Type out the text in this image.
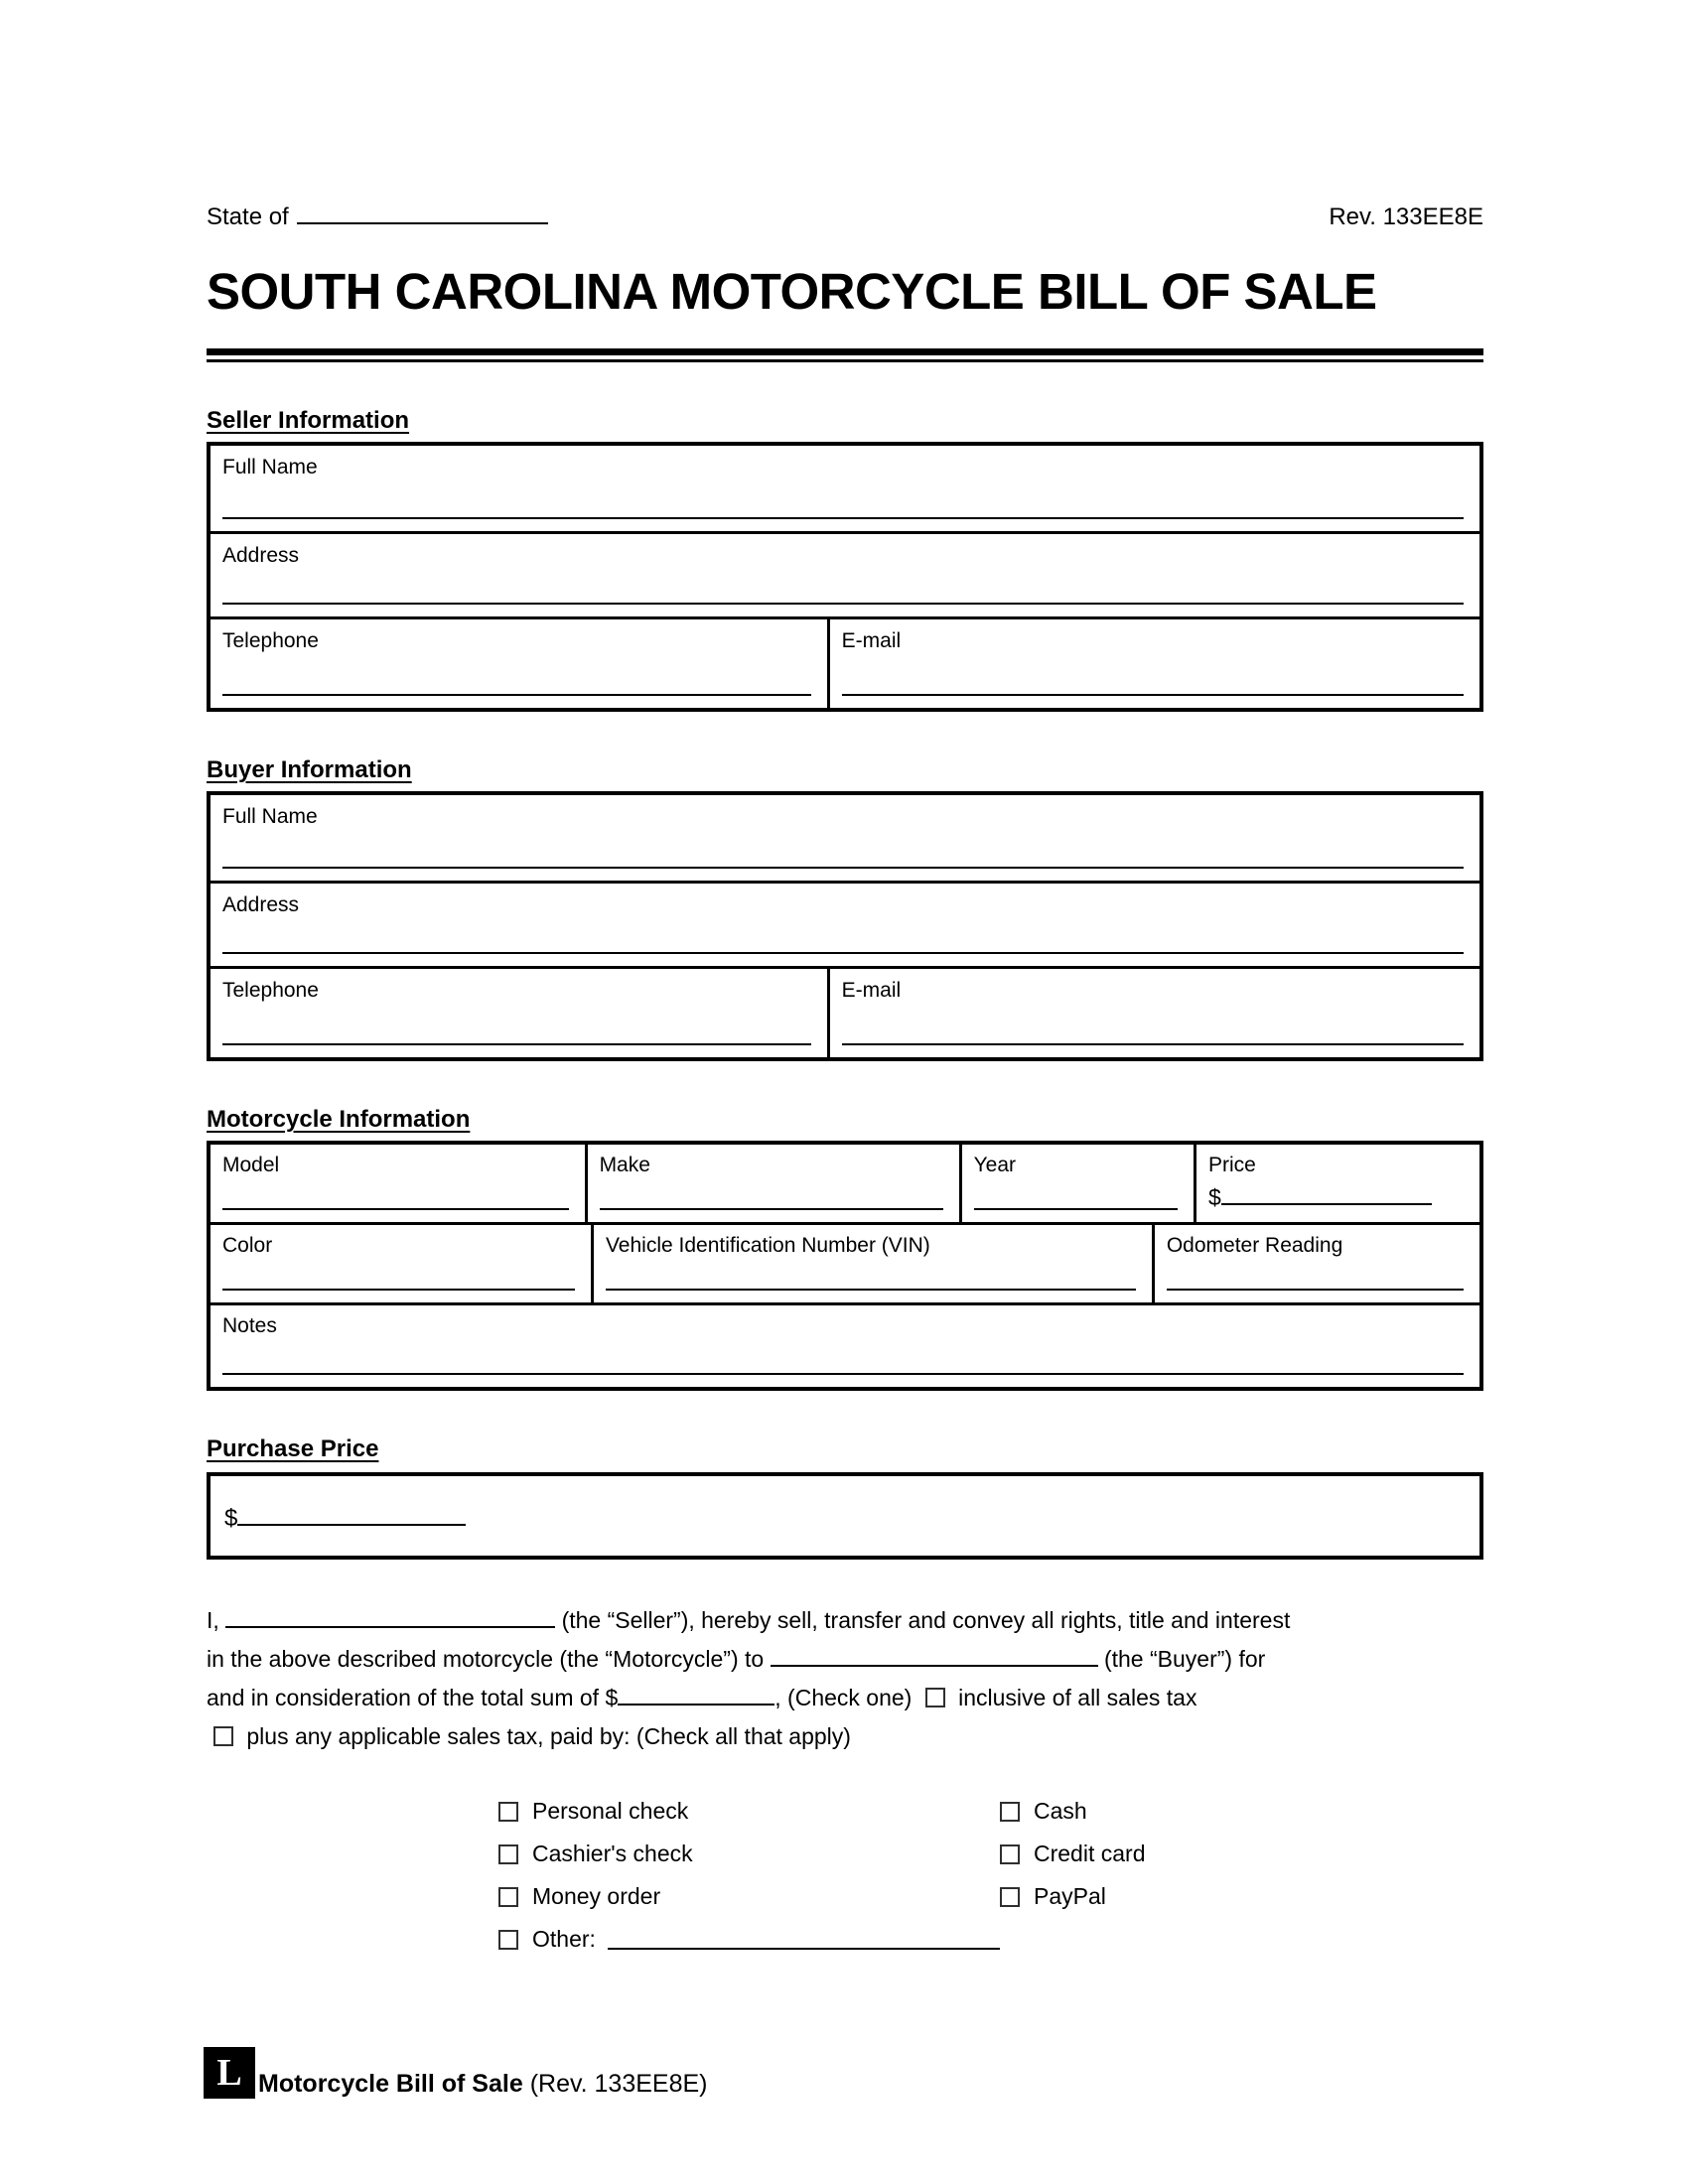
State of	Rev. 133EE8E
SOUTH CAROLINA MOTORCYCLE BILL OF SALE
Seller Information
Full Name
Address
Telephone	E-mail
Buyer Information
Full Name
Address
Telephone	E-mail
Motorcycle Information
Model	Make	Year	Price
$
Color	Vehicle Identification Number (VIN)	Odometer Reading
Notes
Purchase Price
$

I,	(the “Seller”), hereby sell, transfer and convey all rights, title and interest
in the above described motorcycle (the “Motorcycle”) to	(the “Buyer”) for
and in consideration of the total sum of $	, (Check one) inclusive of all sales tax
plus any applicable sales tax, paid by: (Check all that apply)

Personal check	Cash
Cashier's check	Credit card
Money order	PayPal
Other:
L Motorcycle Bill of Sale (Rev. 133EE8E)
